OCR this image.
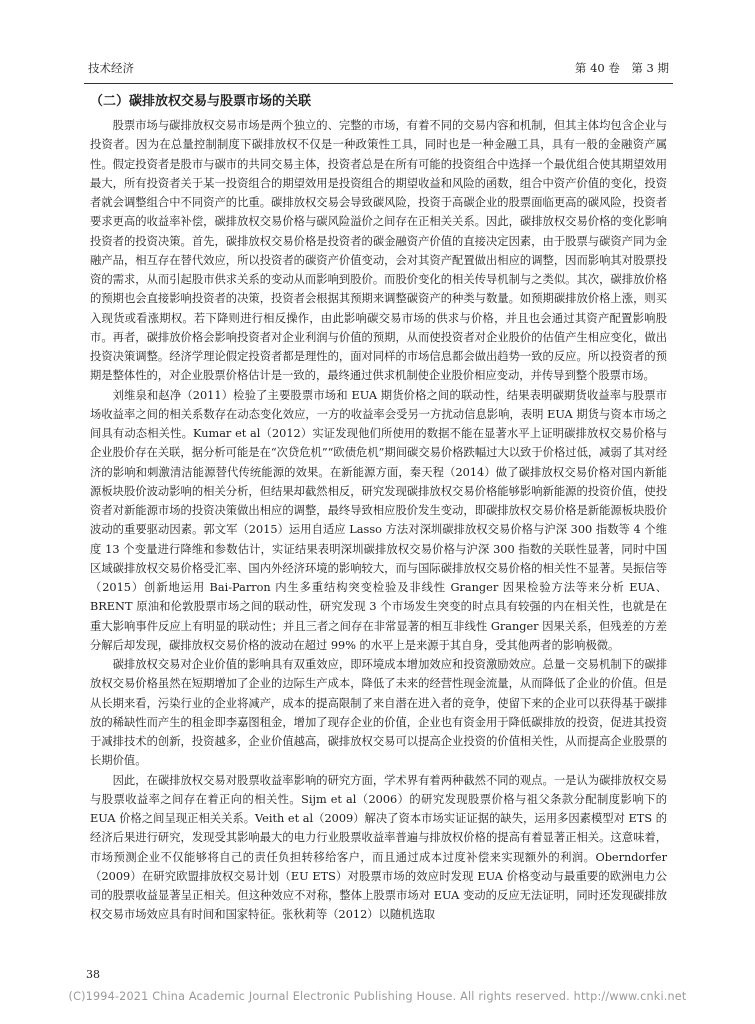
技术经济	第 40 卷　第 3 期
（二）碳排放权交易与股票市场的关联

股票市场与碳排放权交易市场是两个独立的、完整的市场，有着不同的交易内容和机制，但其主体均包含企业与投资者。因为在总量控制制度下碳排放权不仅是一种政策性工具，同时也是一种金融工具，具有一般的金融资产属性。假定投资者是股市与碳市的共同交易主体，投资者总是在所有可能的投资组合中选择一个最优组合使其期望效用最大，所有投资者关于某一投资组合的期望效用是投资组合的期望收益和风险的函数，组合中资产价值的变化，投资者就会调整组合中不同资产的比重。碳排放权交易会导致碳风险，投资于高碳企业的股票面临更高的碳风险，投资者要求更高的收益率补偿，碳排放权交易价格与碳风险溢价之间存在正相关关系。因此，碳排放权交易价格的变化影响投资者的投资决策。首先，碳排放权交易价格是投资者的碳金融资产价值的直接决定因素，由于股票与碳资产同为金融产品，相互存在替代效应，所以投资者的碳资产价值变动，会对其资产配置做出相应的调整，因而影响其对股票投资的需求，从而引起股市供求关系的变动从而影响到股价。而股价变化的相关传导机制与之类似。其次，碳排放价格的预期也会直接影响投资者的决策，投资者会根据其预期来调整碳资产的种类与数量。如预期碳排放价格上涨，则买入现货或看涨期权。若下降则进行相反操作，由此影响碳交易市场的供求与价格，并且也会通过其资产配置影响股市。再者，碳排放价格会影响投资者对企业利润与价值的预期，从而使投资者对企业股价的估值产生相应变化，做出投资决策调整。经济学理论假定投资者都是理性的，面对同样的市场信息都会做出趋势一致的反应。所以投资者的预期是整体性的，对企业股票价格估计是一致的，最终通过供求机制使企业股价相应变动，并传导到整个股票市场。

刘维泉和赵净（2011）检验了主要股票市场和 EUA 期货价格之间的联动性，结果表明碳期货收益率与股票市场收益率之间的相关系数存在动态变化效应，一方的收益率会受另一方扰动信息影响，表明 EUA 期货与资本市场之间具有动态相关性。Kumar et al（2012）实证发现他们所使用的数据不能在显著水平上证明碳排放权交易价格与企业股价存在关联，据分析可能是在“次贷危机”“欧债危机”期间碳交易价格跌幅过大以致于价格过低，减弱了其对经济的影响和刺激清洁能源替代传统能源的效果。在新能源方面，秦天程（2014）做了碳排放权交易价格对国内新能源板块股价波动影响的相关分析，但结果却截然相反，研究发现碳排放权交易价格能够影响新能源的投资价值，使投资者对新能源市场的投资决策做出相应的调整，最终导致相应股价发生变动，即碳排放权交易价格是新能源板块股价波动的重要驱动因素。郭文军（2015）运用自适应 Lasso 方法对深圳碳排放权交易价格与沪深 300 指数等 4 个维度 13 个变量进行降维和参数估计，实证结果表明深圳碳排放权交易价格与沪深 300 指数的关联性显著，同时中国区域碳排放权交易价格受汇率、国内外经济环境的影响较大，而与国际碳排放权交易价格的相关性不显著。吴振信等（2015）创新地运用 Bai-Parron 内生多重结构突变检验及非线性 Granger 因果检验方法等来分析 EUA、BRENT 原油和伦敦股票市场之间的联动性，研究发现 3 个市场发生突变的时点具有较强的内在相关性，也就是在重大影响事件反应上有明显的联动性；并且三者之间存在非常显著的相互非线性 Granger 因果关系，但残差的方差分解后却发现，碳排放权交易价格的波动在超过 99% 的水平上是来源于其自身，受其他两者的影响极微。

碳排放权交易对企业价值的影响具有双重效应，即环境成本增加效应和投资激励效应。总量－交易机制下的碳排放权交易价格虽然在短期增加了企业的边际生产成本，降低了未来的经营性现金流量，从而降低了企业的价值。但是从长期来看，污染行业的企业将减产，成本的提高限制了来自潜在进入者的竞争，使留下来的企业可以获得基于碳排放的稀缺性而产生的租金即李嘉图租金，增加了现存企业的价值，企业也有资金用于降低碳排放的投资，促进其投资于减排技术的创新，投资越多，企业价值越高，碳排放权交易可以提高企业投资的价值相关性，从而提高企业股票的长期价值。

因此，在碳排放权交易对股票收益率影响的研究方面，学术界有着两种截然不同的观点。一是认为碳排放权交易与股票收益率之间存在着正向的相关性。Sijm et al（2006）的研究发现股票价格与祖父条款分配制度影响下的 EUA 价格之间呈现正相关关系。Veith et al（2009）解决了资本市场实证证据的缺失，运用多因素模型对 ETS 的经济后果进行研究，发现受其影响最大的电力行业股票收益率普遍与排放权价格的提高有着显著正相关。这意味着，市场预测企业不仅能够将自己的责任负担转移给客户，而且通过成本过度补偿来实现额外的利润。Oberndorfer（2009）在研究欧盟排放权交易计划（EU ETS）对股票市场的效应时发现 EUA 价格变动与最重要的欧洲电力公司的股票收益显著呈正相关。但这种效应不对称，整体上股票市场对 EUA 变动的反应无法证明，同时还发现碳排放权交易市场效应具有时间和国家特征。张秋莉等（2012）以随机选取

38
(C)1994-2021 China Academic Journal Electronic Publishing House. All rights reserved. http://www.cnki.net
